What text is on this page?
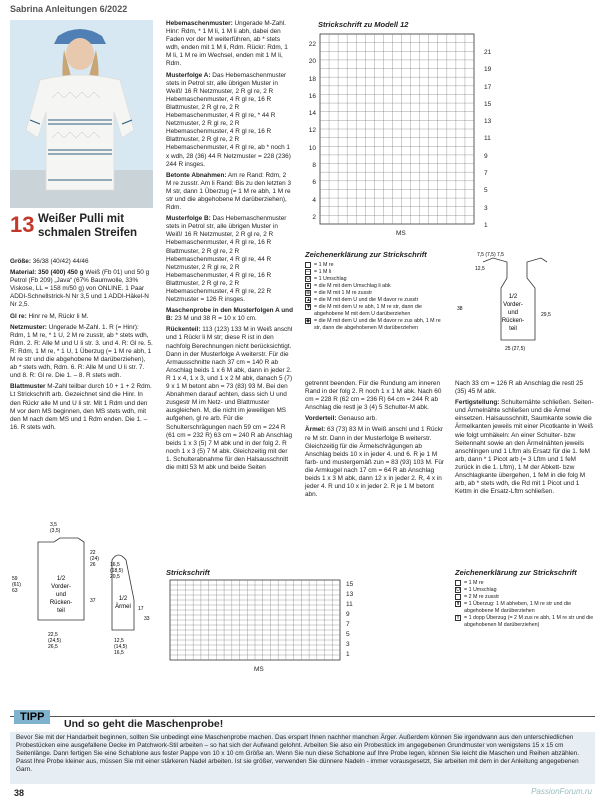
Sabrina Anleitungen 6/2022
13 Weißer Pulli mit schmalen Streifen

Größe: 36/38 (40/42) 44/46

Material: 350 (400) 450 g Weiß (Fb 01) und 50 g Petrol (Fb 209) „Java“ (67% Baumwolle, 33% Viskose, LL = 158 m/50 g) von ONLINE. 1 Paar ADDI-Schnellstrick-N Nr 3,5 und 1 ADDI-Häkel-N Nr 2,5.

Gl re: Hinr re M, Rückr li M.

Netzmuster: Ungerade M-Zahl. 1. R (= Hinr): Rdm, 1 M re, * 1 U, 2 M re zusstr, ab * stets wdh, Rdm. 2. R: Alle M und U li str. 3. und 4. R: Gl re. 5. R: Rdm, 1 M re, * 1 U, 1 Überzug (= 1 M re abh, 1 M re str und die abgehobene M darüberziehen), ab * stets wdh, Rdm. 6. R: Alle M und U li str. 7. und 8. R: Gl re. Die 1. – 8. R stets wdh.

Blattmuster M-Zahl teilbar durch 10 + 1 + 2 Rdm. Lt Strickschrift arb. Gezeichnet sind die Hinr. In den Rückr alle M und U li str. Mit 1 Rdm und den M vor dem MS beginnen, den MS stets wdh, mit den M nach dem MS und 1 Rdm enden. Die 1. – 16. R stets wdh.

Hebemaschenmuster: Ungerade M-Zahl. Hinr: Rdm, * 1 M li, 1 M li abh, dabei den Faden vor der M weiterführen, ab * stets wdh, enden mit 1 M li, Rdm. Rückr: Rdm, 1 M li, 1 M re im Wechsel, enden mit 1 M li, Rdm.

Musterfolge A: Das Hebemaschenmuster stets in Petrol str, alle übrigen Muster in Weiß! 16 R Netzmuster, 2 R gl re, 2 R Hebemaschenmuster, 4 R gl re, 16 R Blattmuster, 2 R gl re, 2 R Hebemaschenmuster, 4 R gl re, * 44 R Netzmuster, 2 R gl re, 2 R Hebemaschenmuster, 4 R gl re, 16 R Blattmuster, 2 R gl re, 2 R Hebemaschenmuster, 4 R gl re, ab * noch 1 x wdh, 28 (36) 44 R Netzmuster = 228 (236) 244 R insges.

Betonte Abnahmen: Am re Rand: Rdm, 2 M re zusstr. Am li Rand: Bis zu den letzten 3 M str, dann 1 Überzug (= 1 M re abh, 1 M re str und die abgehobene M darüberziehen), Rdm.

Musterfolge B: Das Hebemaschenmuster stets in Petrol str, alle übrigen Muster in Weiß! 16 R Netzmuster, 2 R gl re, 2 R Hebemaschenmuster, 4 R gl re, 16 R Blattmuster, 2 R gl re, 2 R Hebemaschenmuster, 4 R gl re, 44 R Netzmuster, 2 R gl re, 2 R Hebemaschenmuster, 4 R gl re, 16 R Blattmuster, 2 R gl re, 2 R Hebemaschenmuster, 4 R gl re, 22 R Netzmuster = 126 R insges.

Maschenprobe in den Musterfolgen A und B: 23 M und 38 R = 10 x 10 cm.

Rückenteil: 113 (123) 133 M in Weiß anschl und 1 Rückr li M str; diese R ist in den nachfolg Berechnungen nicht berücksichtigt. Dann in der Musterfolge A weiterstr. Für die Armausschnitte nach 37 cm = 140 R ab Anschlag beids 1 x 6 M abk, dann in jeder 2. R 1 x 4, 1 x 3, und 1 x 2 M abk, danach 5 (7) 9 x 1 M betont abn = 73 (83) 93 M. Bei den Abnahmen darauf achten, dass sich U und zusgestr M im Netz- und Blattmuster ausgleichen. M, die nicht im jeweiligen MS aufgehen, gl re arb. Für die Schulterschrägungen nach 59 cm = 224 R (61 cm = 232 R) 63 cm = 240 R ab Anschlag beids 1 x 3 (5) 7 M abk und in der folg 2. R noch 1 x 3 (5) 7 M abk. Gleichzeitig mit der 1. Schulterabnahme für den Halsausschnitt die mittl 53 M abk und beide Seiten

Strickschrift zu Modell 12
22
20
18
16
14
12
10
8
6
4
2
21
19
17
15
13
11
9
7
5
3
1
MS
Zeichenerklärung zur Strickschrift
= 1 M re
— = 1 M li
U = 1 Umschlag
● = die M mit dem Umschlag li abk
⊕ = die M mit 1 M re zusstr
▲ = die M mit dem U und die M davor re zusstr
▼ = die M mit dem U re abh, 1 M re str, dann die abgehobene M mit dem U darüberziehen
◆ = die M mit dem U und die M davor re zus abh, 1 M re str, dann die abgehobenen M darüberziehen
7,5 (7,5) 7,5
12,5
38
29,5
25 (27,5)
1/2
Vorder-
und
Rücken-
teil
3,5
(3,5)
22
(24)
26
59
(61)
63
37
22,5
(24,5)
26,5
1/2
Vorder-
und
Rücken-
teil
16,5
(18,5)
20,5
17
33
12,5
(14,5)
16,5
1/2
Ärmel

getrennt beenden. Für die Rundung am inneren Rand in der folg 2. R noch 1 x 1 M abk. Nach 60 cm = 228 R (62 cm = 236 R) 64 cm = 244 R ab Anschlag die restl je 3 (4) 5 Schulter-M abk.

Vorderteil: Genauso arb.

Ärmel: 63 (73) 83 M in Weiß anschl und 1 Rückr re M str. Dann in der Musterfolge B weiterstr. Gleichzeitig für die Ärmelschrägungen ab Anschlag beids 10 x in jeder 4. und 6. R je 1 M farb- und mustergemäß zun = 83 (93) 103 M. Für die Armkugel nach 17 cm = 64 R ab Anschlag beids 1 x 3 M abk, dann 12 x in jeder 2. R, 4 x in jeder 4. R und 10 x in jeder 2. R je 1 M betont abn.

Nach 33 cm = 126 R ab Anschlag die restl 25 (35) 45 M abk.

Fertigstellung: Schulternähte schließen. Seiten- und Ärmelnähte schließen und die Ärmel einsetzen. Halsausschnitt, Saumkante sowie die Ärmelkanten jeweils mit einer Picotkante in Weiß wie folgt umhäkeln: An einer Schulter- bzw Seitennaht sowie an den Ärmelnähten jeweils anschlingen und 1 Lftm als Ersatz für die 1. feM arb, dann * 1 Picot arb (= 3 Lftm und 1 feM zurück in die 1. Lftm), 1 M der Abkett- bzw Anschlagkante übergehen, 1 feM in die folg M arb, ab * stets wdh, die Rd mit 1 Picot und 1 Kettm in die Ersatz-Lftm schließen.

Strickschrift
15
13
11
9
7
5
3
1
MS
Zeichenerklärung zur Strickschrift
= 1 M re
U = 1 Umschlag
= 2 M re zusstr
⬆ = 1 Überzug: 1 M abheben, 1 M re str und die abgehobene M darüberziehen
⇑ = 1 dopp Überzug (= 2 M zus re abh, 1 M re str und die abgehobenen M darüberziehen)
TIPP
Und so geht die Maschenprobe!
Bevor Sie mit der Handarbeit beginnen, sollten Sie unbedingt eine Maschenprobe machen. Das erspart Ihnen nachher manchen Ärger. Außerdem können Sie irgendwann aus den unterschiedlichen Probestücken eine ausgefallene Decke im Patchwork-Stil arbeiten – so hat sich der Aufwand gelohnt. Arbeiten Sie also ein Probestück im angegebenen Grundmuster von wenigstens 15 x 15 cm Seitenlänge. Dann fertigen Sie eine Schablone aus fester Pappe von 10 x 10 cm Größe an. Wenn Sie nun diese Schablone auf Ihre Probe legen, können Sie leicht die Maschen und Reihen abzählen. Passt Ihre Probe kleiner aus, müssen Sie mit einer stärkeren Nadel arbeiten. Ist sie größer, verwenden Sie dünnere Nadeln - immer vorausgesetzt, Sie arbeiten mit dem in der Anleitung angegebenen Garn.
38	PassionForum.ru
